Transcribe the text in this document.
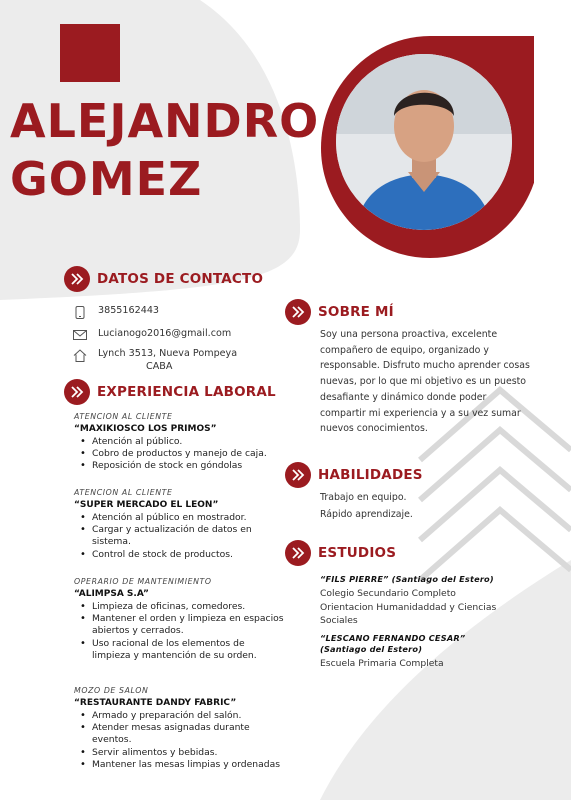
ALEJANDRO
GOMEZ
DATOS DE CONTACTO
3855162443
Lucianogo2016@gmail.com
Lynch 3513, Nueva Pompeya
CABA
EXPERIENCIA LABORAL
ATENCION AL CLIENTE
“MAXIKIOSCO LOS PRIMOS”
• Atención al público.
• Cobro de productos y manejo de caja.
• Reposición de stock en góndolas
ATENCION AL CLIENTE
“SUPER MERCADO EL LEON”
• Atención al público en mostrador.
• Cargar y actualización de datos en sistema.
• Control de stock de productos.
OPERARIO DE MANTENIMIENTO
“ALIMPSA S.A”
• Limpieza de oficinas, comedores.
• Mantener el orden y limpieza en espacios abiertos y cerrados.
• Uso racional de los elementos de limpieza y mantención de su orden.
MOZO DE SALON
“RESTAURANTE DANDY FABRIC”
• Armado y preparación del salón.
• Atender mesas asignadas durante eventos.
• Servir alimentos y bebidas.
• Mantener las mesas limpias y ordenadas
SOBRE MÍ
Soy una persona proactiva, excelente compañero de equipo, organizado y responsable. Disfruto mucho aprender cosas nuevas, por lo que mi objetivo es un puesto desafiante y dinámico donde poder compartir mi experiencia y a su vez sumar nuevos conocimientos.
HABILIDADES
Trabajo en equipo.
Rápido aprendizaje.
ESTUDIOS
“FILS PIERRE” (Santiago del Estero)
Colegio Secundario Completo
Orientacion Humanidaddad y Ciencias Sociales
“LESCANO FERNANDO CESAR”
(Santiago del Estero)
Escuela Primaria Completa
